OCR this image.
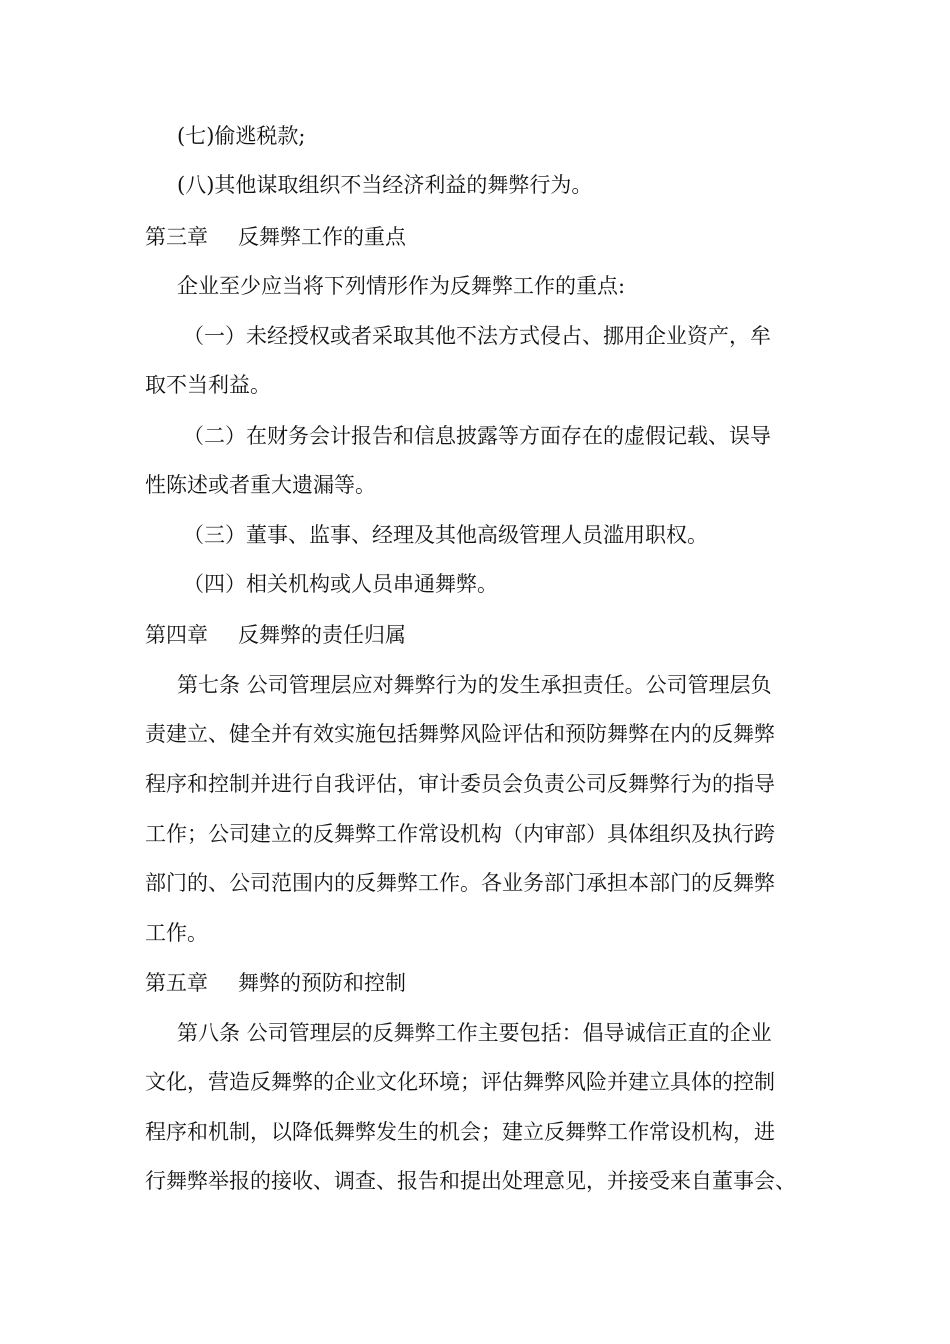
(七)偷逃税款;

(八)其他谋取组织不当经济利益的舞弊行为。

第三章 反舞弊工作的重点

企业至少应当将下列情形作为反舞弊工作的重点:

（一）未经授权或者采取其他不法方式侵占、挪用企业资产，牟

取不当利益。

（二）在财务会计报告和信息披露等方面存在的虚假记载、误导

性陈述或者重大遗漏等。

（三）董事、监事、经理及其他高级管理人员滥用职权。

（四）相关机构或人员串通舞弊。

第四章 反舞弊的责任归属

第七条 公司管理层应对舞弊行为的发生承担责任。公司管理层负

责建立、健全并有效实施包括舞弊风险评估和预防舞弊在内的反舞弊

程序和控制并进行自我评估，审计委员会负责公司反舞弊行为的指导

工作；公司建立的反舞弊工作常设机构（内审部）具体组织及执行跨

部门的、公司范围内的反舞弊工作。各业务部门承担本部门的反舞弊

工作。

第五章 舞弊的预防和控制

第八条 公司管理层的反舞弊工作主要包括：倡导诚信正直的企业

文化，营造反舞弊的企业文化环境；评估舞弊风险并建立具体的控制

程序和机制，以降低舞弊发生的机会；建立反舞弊工作常设机构，进

行舞弊举报的接收、调查、报告和提出处理意见，并接受来自董事会、
